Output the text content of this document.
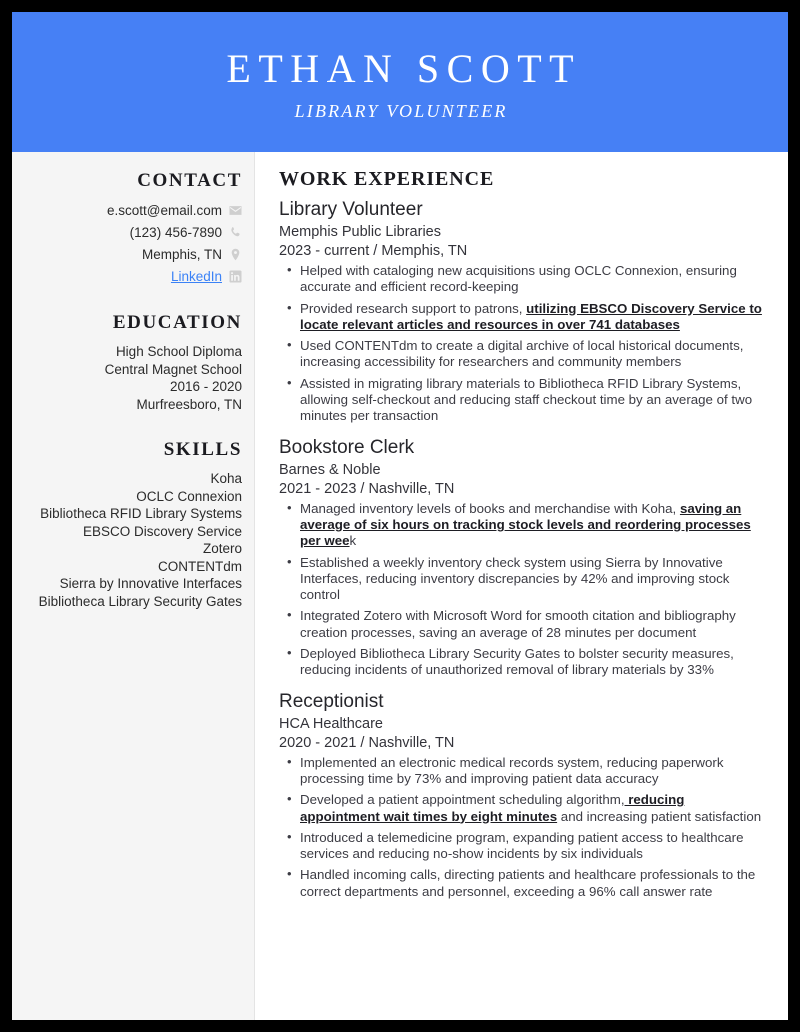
ETHAN SCOTT
LIBRARY VOLUNTEER
CONTACT
e.scott@email.com
(123) 456-7890
Memphis, TN
LinkedIn
EDUCATION
High School Diploma
Central Magnet School
2016 - 2020
Murfreesboro, TN
SKILLS
Koha
OCLC Connexion
Bibliotheca RFID Library Systems
EBSCO Discovery Service
Zotero
CONTENTdm
Sierra by Innovative Interfaces
Bibliotheca Library Security Gates
WORK EXPERIENCE
Library Volunteer
Memphis Public Libraries
2023 - current / Memphis, TN
• Helped with cataloging new acquisitions using OCLC Connexion, ensuring accurate and efficient record-keeping
• Provided research support to patrons, utilizing EBSCO Discovery Service to locate relevant articles and resources in over 741 databases
• Used CONTENTdm to create a digital archive of local historical documents, increasing accessibility for researchers and community members
• Assisted in migrating library materials to Bibliotheca RFID Library Systems, allowing self-checkout and reducing staff checkout time by an average of two minutes per transaction
Bookstore Clerk
Barnes & Noble
2021 - 2023 / Nashville, TN
• Managed inventory levels of books and merchandise with Koha, saving an average of six hours on tracking stock levels and reordering processes per week
• Established a weekly inventory check system using Sierra by Innovative Interfaces, reducing inventory discrepancies by 42% and improving stock control
• Integrated Zotero with Microsoft Word for smooth citation and bibliography creation processes, saving an average of 28 minutes per document
• Deployed Bibliotheca Library Security Gates to bolster security measures, reducing incidents of unauthorized removal of library materials by 33%
Receptionist
HCA Healthcare
2020 - 2021 / Nashville, TN
• Implemented an electronic medical records system, reducing paperwork processing time by 73% and improving patient data accuracy
• Developed a patient appointment scheduling algorithm, reducing appointment wait times by eight minutes and increasing patient satisfaction
• Introduced a telemedicine program, expanding patient access to healthcare services and reducing no-show incidents by six individuals
• Handled incoming calls, directing patients and healthcare professionals to the correct departments and personnel, exceeding a 96% call answer rate
